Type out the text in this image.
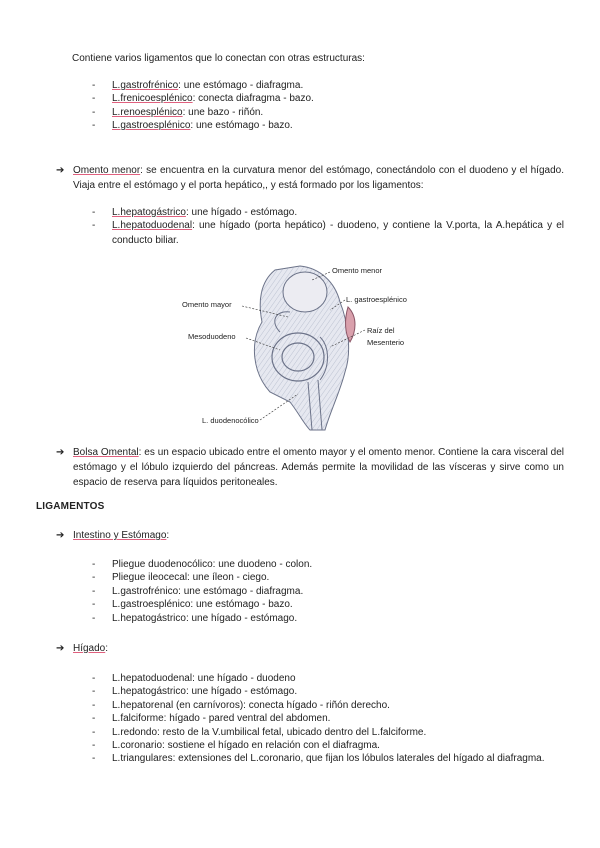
Contiene varios ligamentos que lo conectan con otras estructuras:
- L.gastrofrénico: une estómago - diafragma.
- L.frenicoesplénico: conecta diafragma - bazo.
- L.renoesplénico: une bazo - riñón.
- L.gastroesplénico: une estómago - bazo.
➔ Omento menor: se encuentra en la curvatura menor del estómago, conectándolo con el duodeno y el hígado. Viaja entre el estómago y el porta hepático,, y está formado por los ligamentos:
- L.hepatogástrico: une hígado - estómago.
- L.hepatoduodenal: une hígado (porta hepático) - duodeno, y contiene la V.porta, la A.hepática y el conducto biliar.
Omento menor
Omento mayor
L. gastroesplénico
Mesoduodeno
Raíz del
Mesenterio
L. duodenocólico
➔ Bolsa Omental: es un espacio ubicado entre el omento mayor y el omento menor. Contiene la cara visceral del estómago y el lóbulo izquierdo del páncreas. Además permite la movilidad de las vísceras y sirve como un espacio de reserva para líquidos peritoneales.
LIGAMENTOS
➔ Intestino y Estómago:
- Pliegue duodenocólico: une duodeno - colon.
- Pliegue ileocecal: une íleon - ciego.
- L.gastrofrénico: une estómago - diafragma.
- L.gastroesplénico: une estómago - bazo.
- L.hepatogástrico: une hígado - estómago.
➔ Hígado:
- L.hepatoduodenal: une hígado - duodeno
- L.hepatogástrico: une hígado - estómago.
- L.hepatorenal (en carnívoros): conecta hígado - riñón derecho.
- L.falciforme: hígado - pared ventral del abdomen.
- L.redondo: resto de la V.umbilical fetal, ubicado dentro del L.falciforme.
- L.coronario: sostiene el hígado en relación con el diafragma.
- L.triangulares: extensiones del L.coronario, que fijan los lóbulos laterales del hígado al diafragma.
